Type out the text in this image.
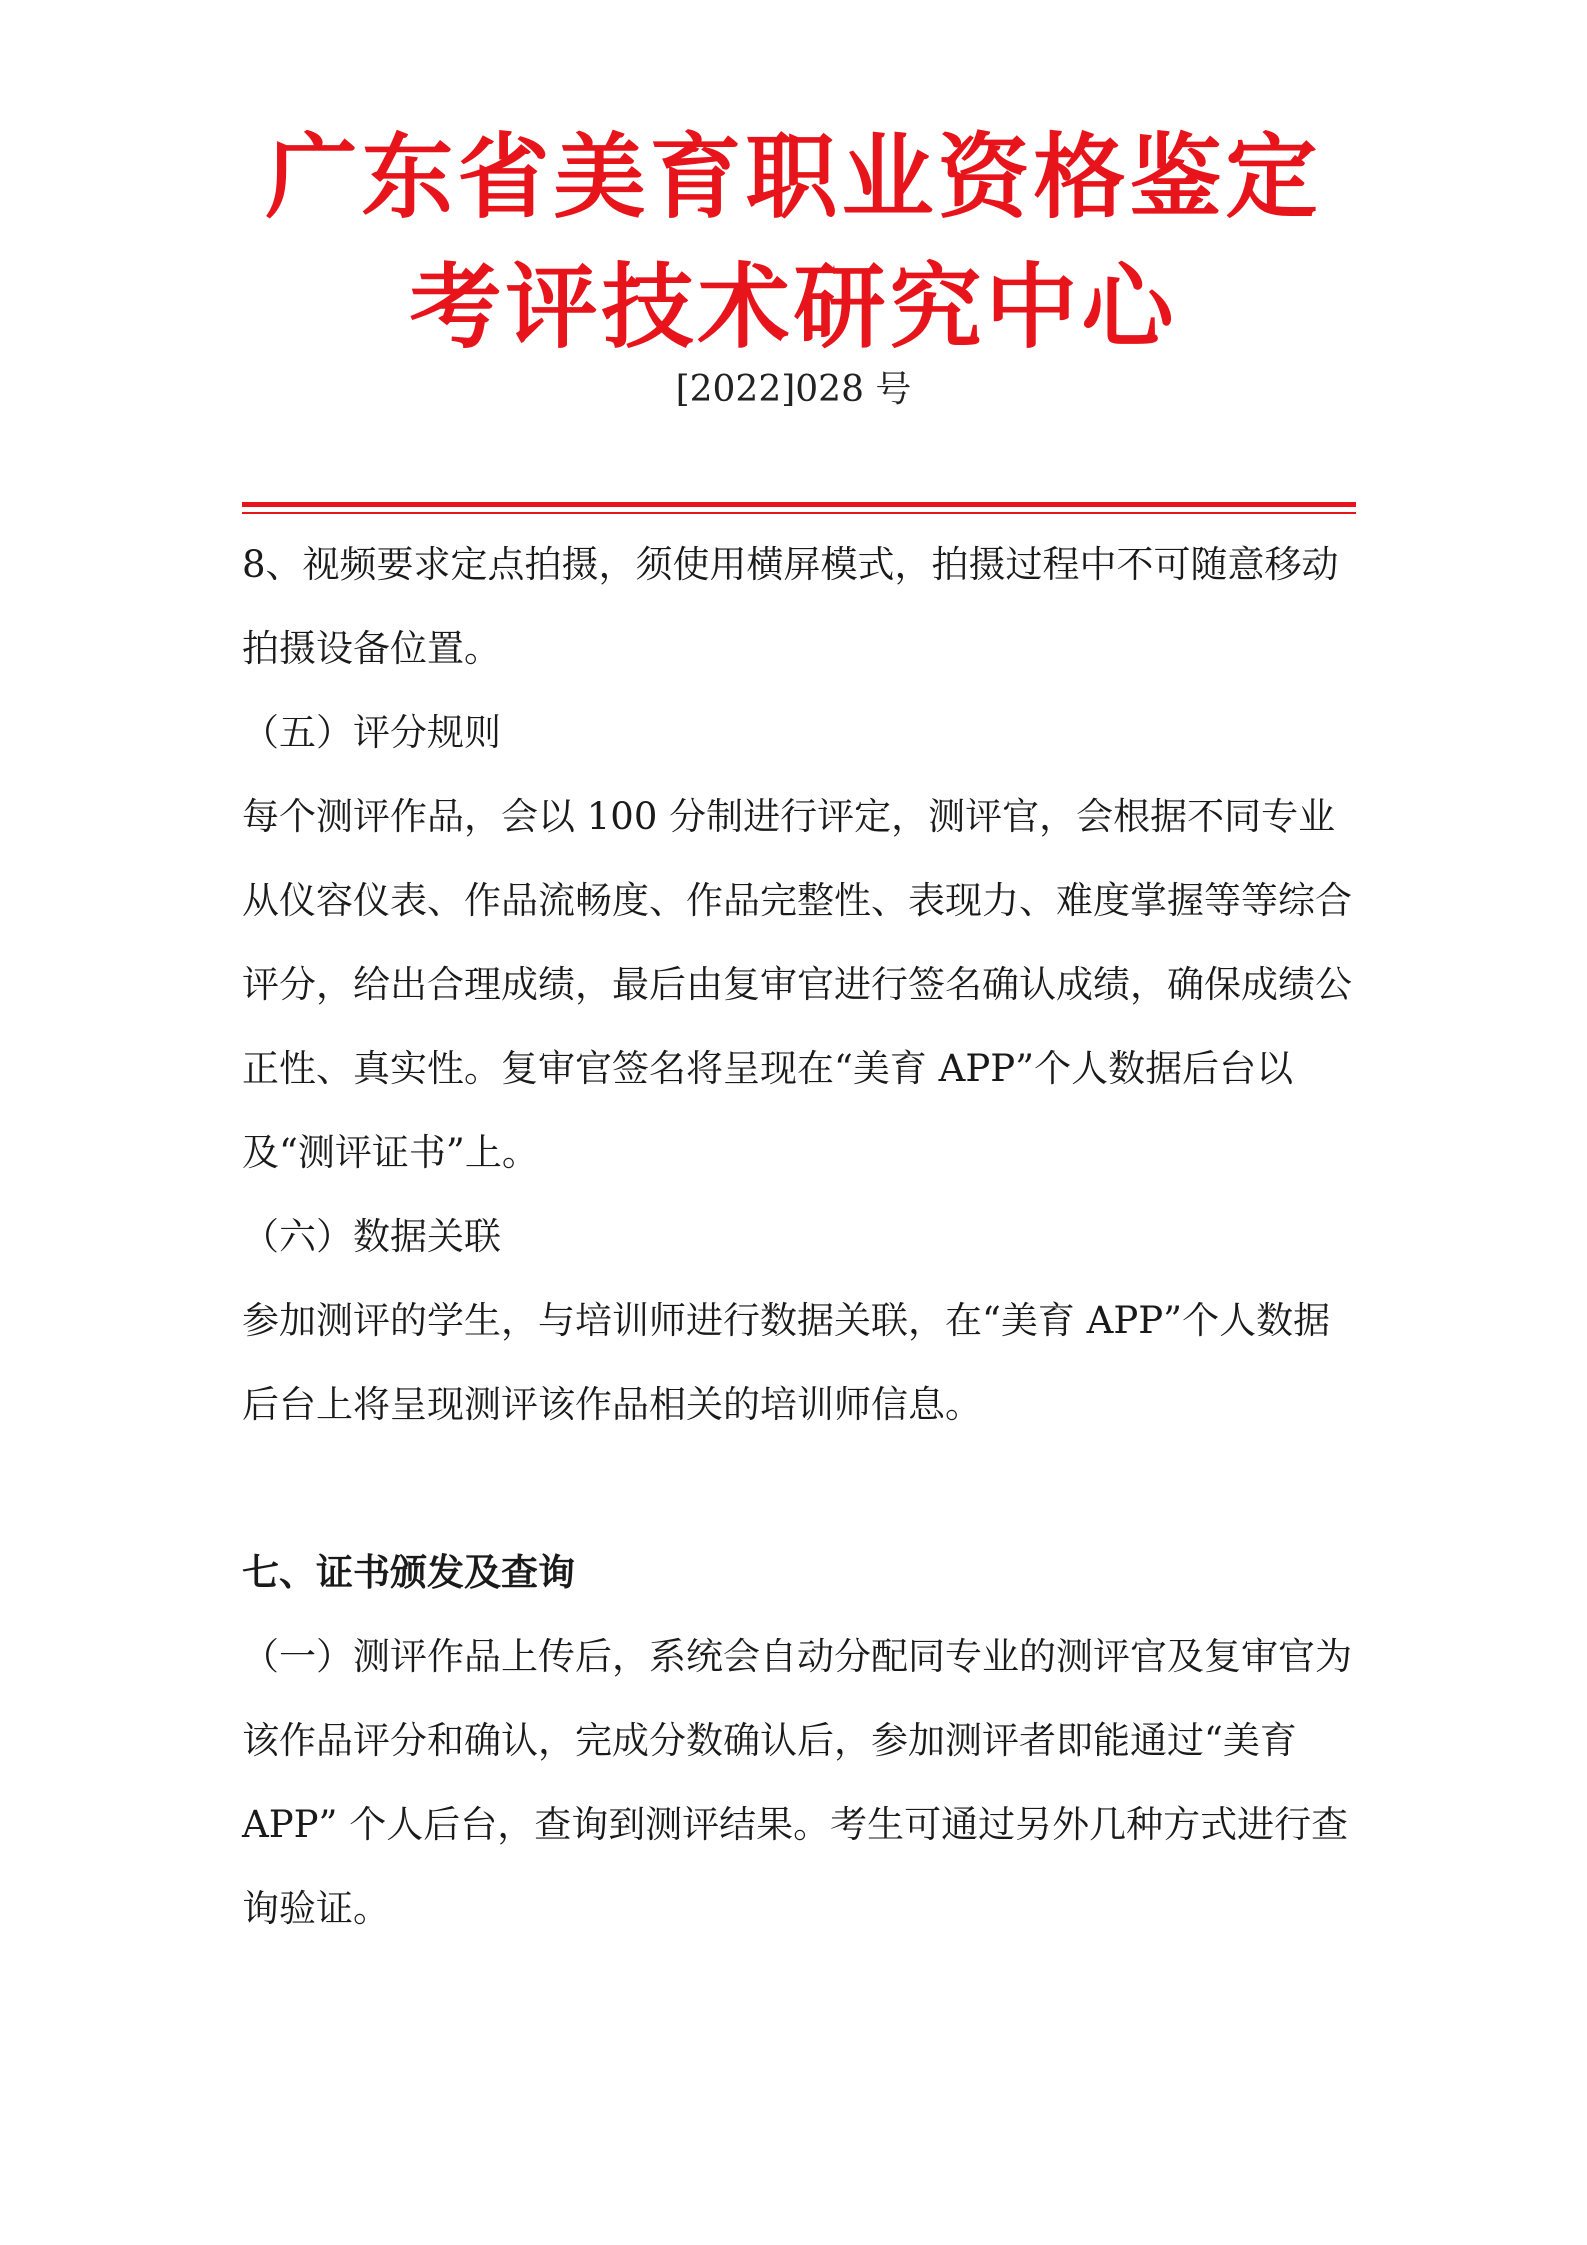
广东省美育职业资格鉴定
考评技术研究中心
[2022]028 号

8、视频要求定点拍摄，须使用横屏模式，拍摄过程中不可随意移动拍摄设备位置。

（五）评分规则

每个测评作品，会以 100 分制进行评定，测评官，会根据不同专业从仪容仪表、作品流畅度、作品完整性、表现力、难度掌握等等综合评分，给出合理成绩，最后由复审官进行签名确认成绩，确保成绩公正性、真实性。复审官签名将呈现在“美育 APP”个人数据后台以及“测评证书”上。

（六）数据关联

参加测评的学生，与培训师进行数据关联，在“美育 APP”个人数据后台上将呈现测评该作品相关的培训师信息。

七、证书颁发及查询

（一）测评作品上传后，系统会自动分配同专业的测评官及复审官为该作品评分和确认，完成分数确认后，参加测评者即能通过“美育 APP” 个人后台，查询到测评结果。考生可通过另外几种方式进行查询验证。
